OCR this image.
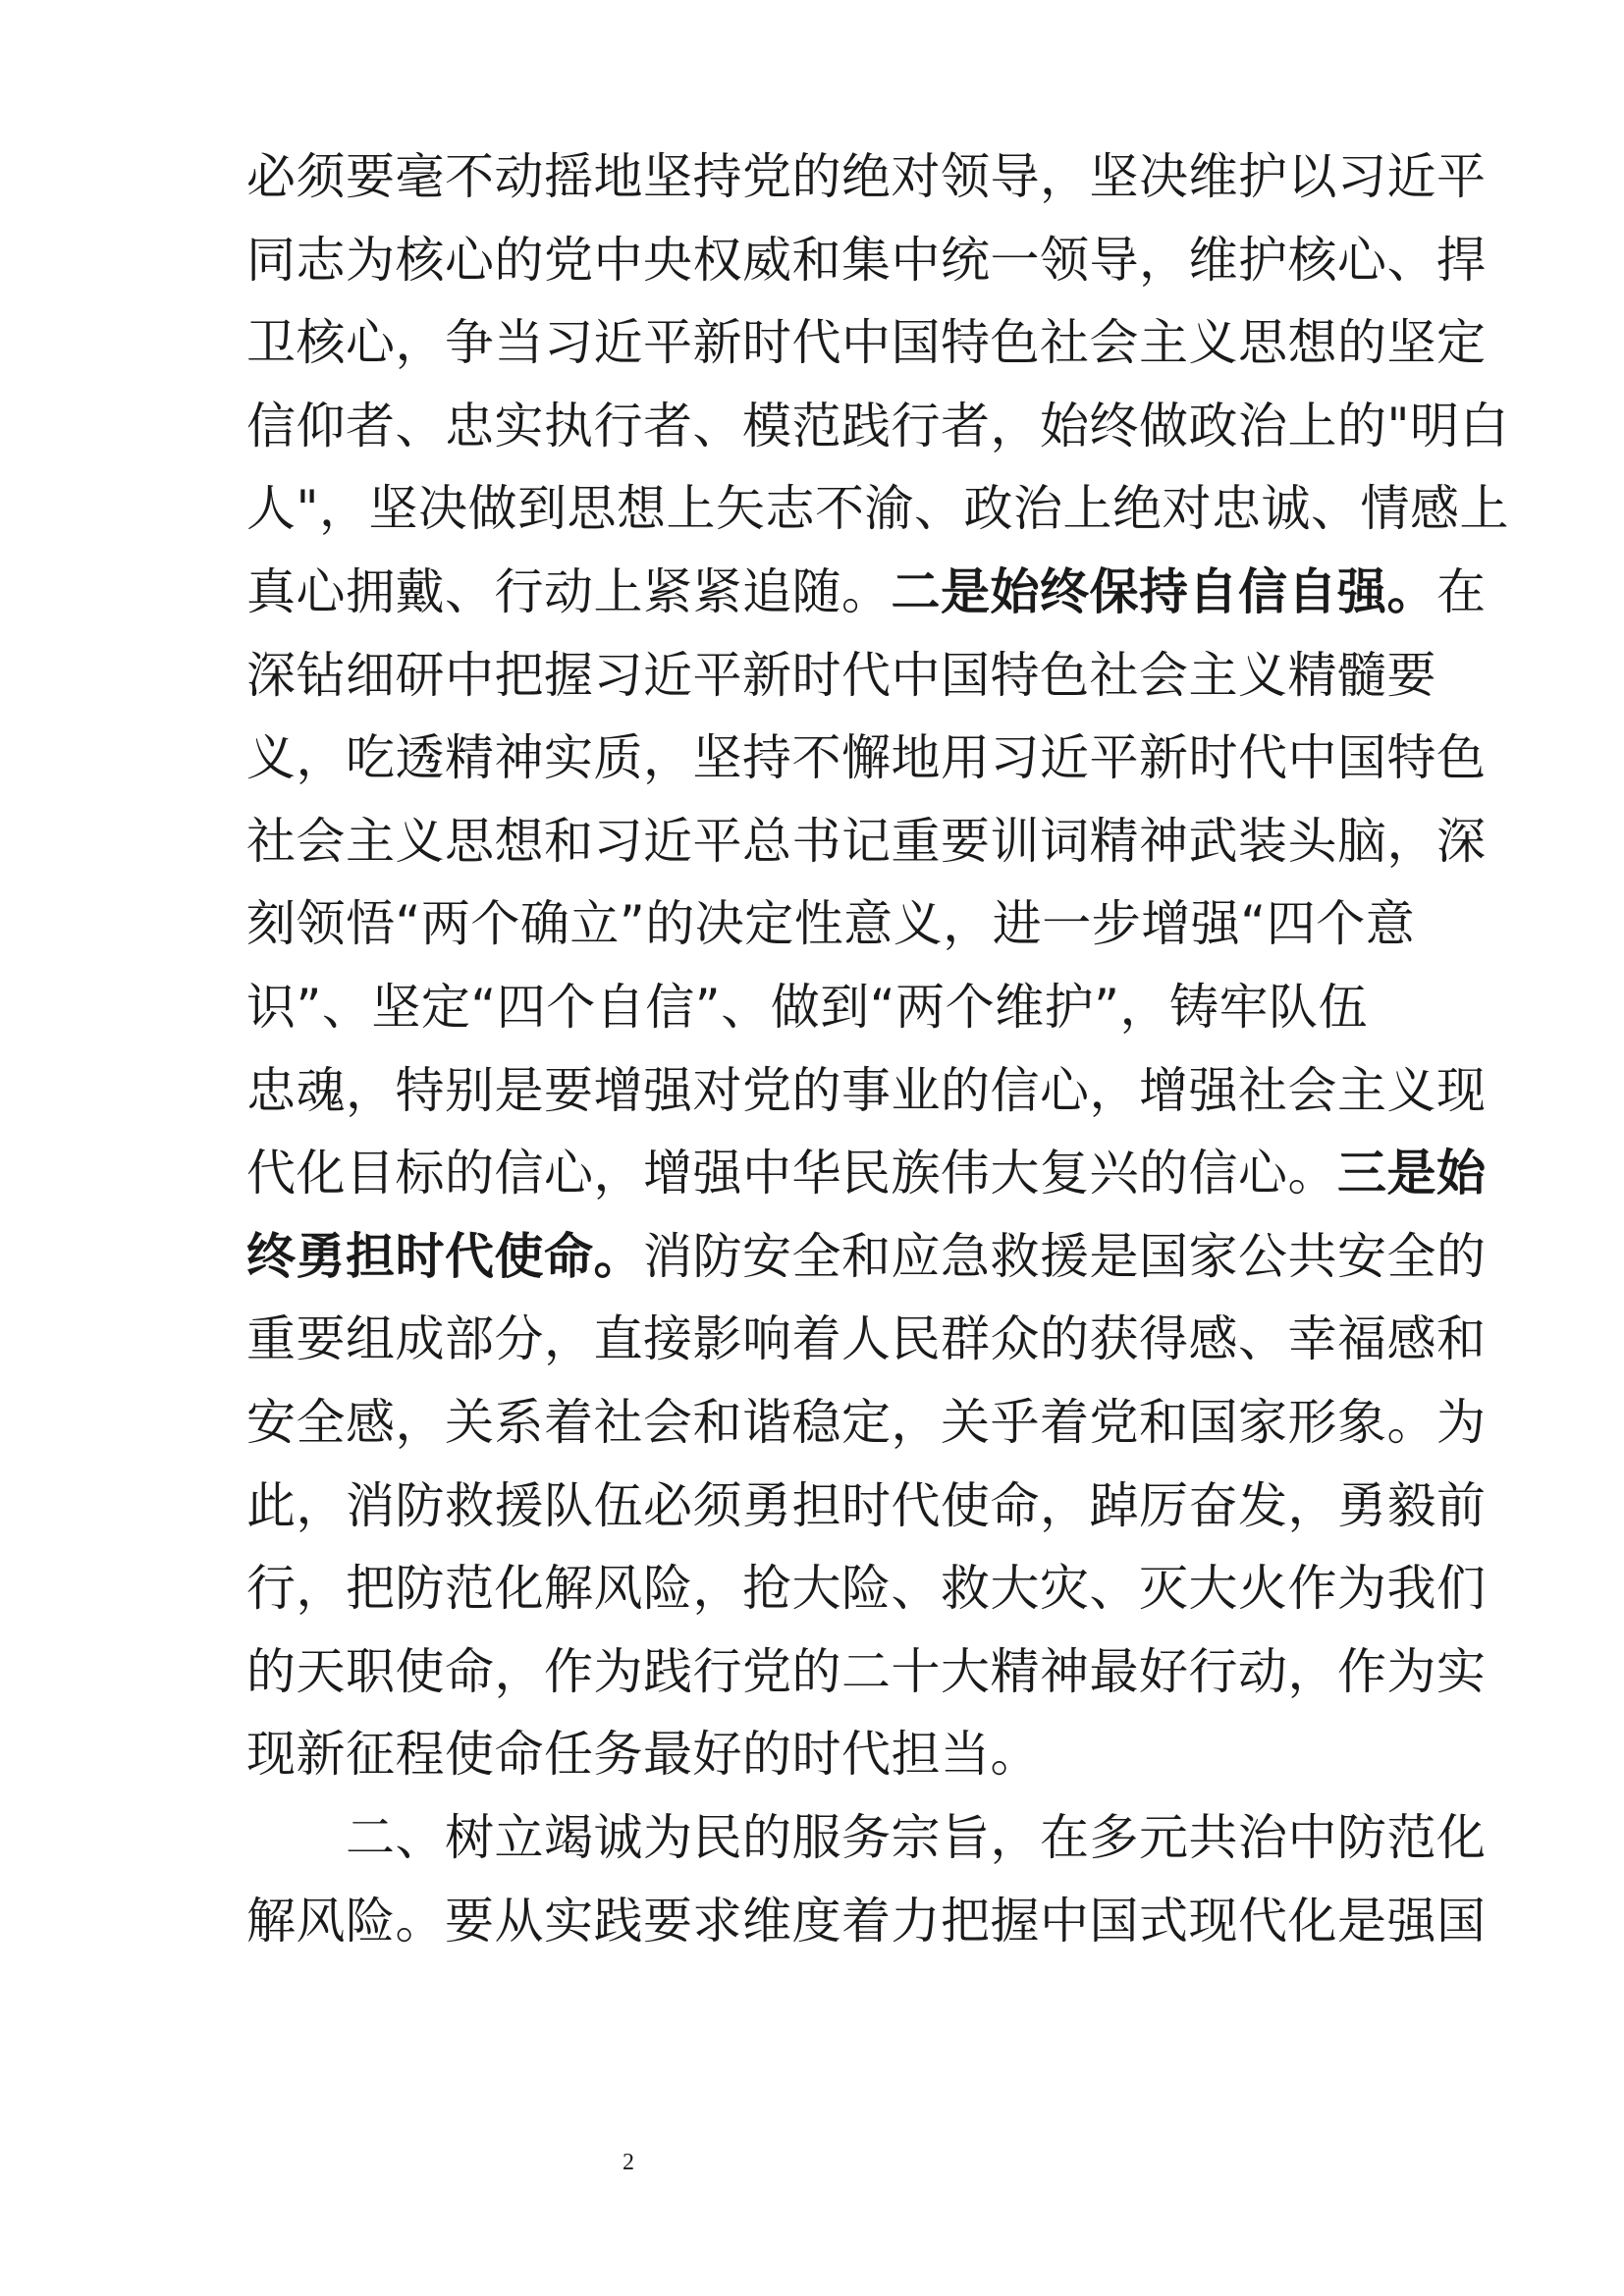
必须要毫不动摇地坚持党的绝对领导，坚决维护以习近平
同志为核心的党中央权威和集中统一领导，维护核心、捍
卫核心，争当习近平新时代中国特色社会主义思想的坚定
信仰者、忠实执行者、模范践行者，始终做政治上的"明白
人"，坚决做到思想上矢志不渝、政治上绝对忠诚、情感上
真心拥戴、行动上紧紧追随。二是始终保持自信自强。在
深钻细研中把握习近平新时代中国特色社会主义精髓要
义，吃透精神实质，坚持不懈地用习近平新时代中国特色
社会主义思想和习近平总书记重要训词精神武装头脑，深
刻领悟“两个确立”的决定性意义，进一步增强“四个意
识”、坚定“四个自信”、做到“两个维护”，铸牢队伍
忠魂，特别是要增强对党的事业的信心，增强社会主义现
代化目标的信心，增强中华民族伟大复兴的信心。三是始
终勇担时代使命。消防安全和应急救援是国家公共安全的
重要组成部分，直接影响着人民群众的获得感、幸福感和
安全感，关系着社会和谐稳定，关乎着党和国家形象。为
此，消防救援队伍必须勇担时代使命，踔厉奋发，勇毅前
行，把防范化解风险，抢大险、救大灾、灭大火作为我们
的天职使命，作为践行党的二十大精神最好行动，作为实
现新征程使命任务最好的时代担当。
　　二、树立竭诚为民的服务宗旨，在多元共治中防范化
解风险。要从实践要求维度着力把握中国式现代化是强国
2
